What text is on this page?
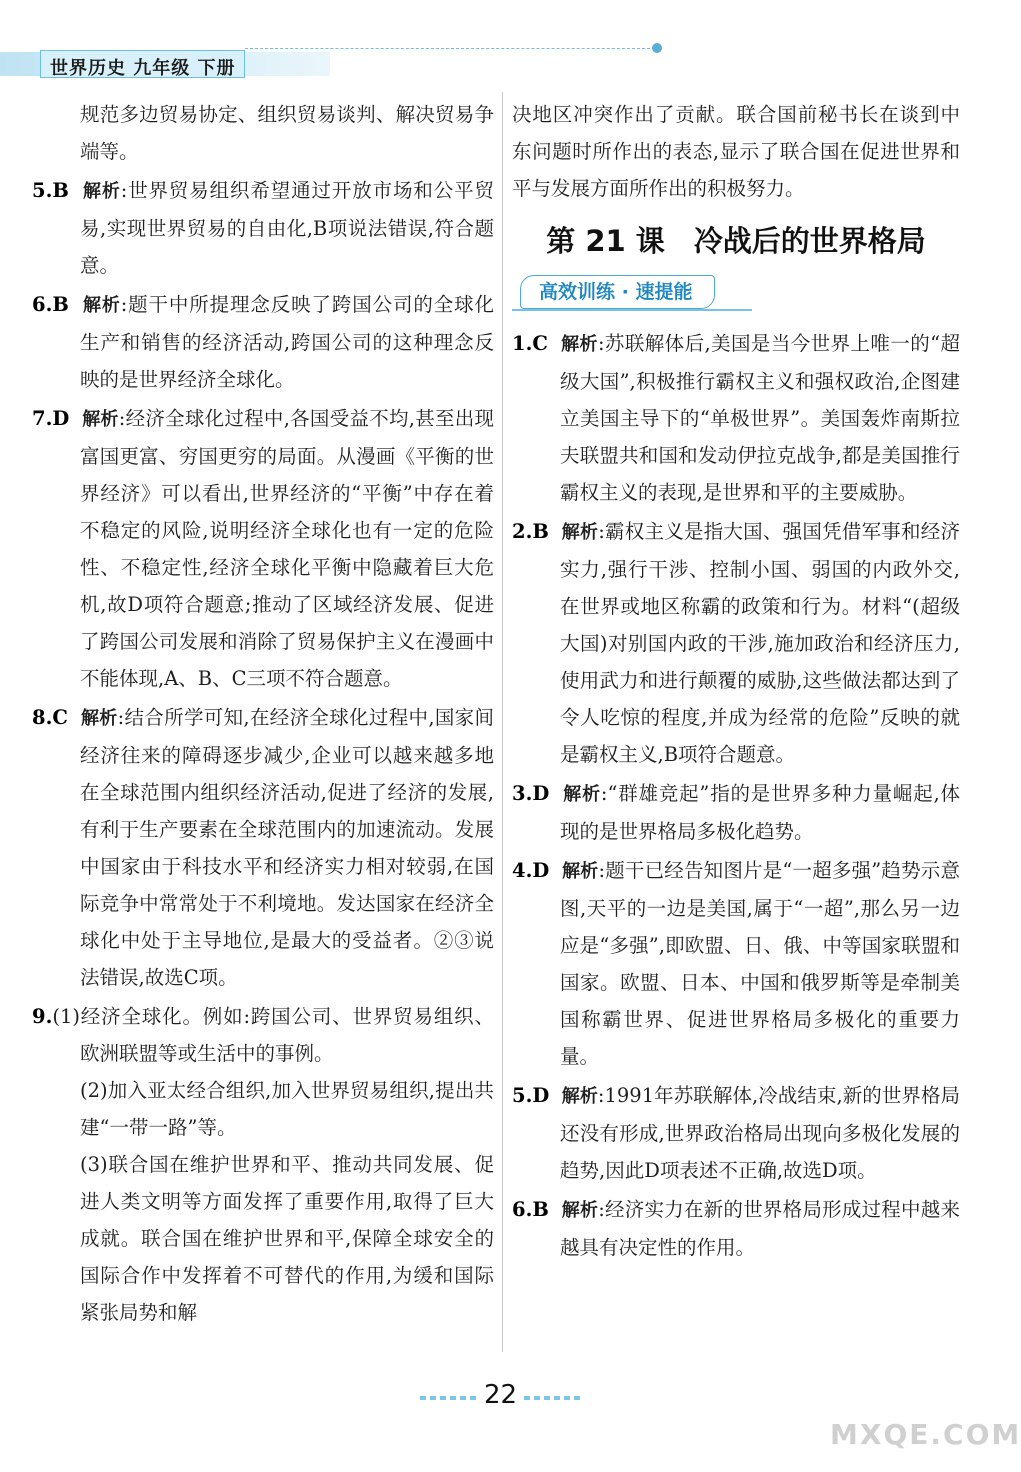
世界历史 九年级 下册

规范多边贸易协定、组织贸易谈判、解决贸易争端等。

5.B 解析:世界贸易组织希望通过开放市场和公平贸易,实现世界贸易的自由化,B项说法错误,符合题意。

6.B 解析:题干中所提理念反映了跨国公司的全球化生产和销售的经济活动,跨国公司的这种理念反映的是世界经济全球化。

7.D 解析:经济全球化过程中,各国受益不均,甚至出现富国更富、穷国更穷的局面。从漫画《平衡的世界经济》可以看出,世界经济的“平衡”中存在着不稳定的风险,说明经济全球化也有一定的危险性、不稳定性,经济全球化平衡中隐藏着巨大危机,故D项符合题意;推动了区域经济发展、促进了跨国公司发展和消除了贸易保护主义在漫画中不能体现,A、B、C三项不符合题意。

8.C 解析:结合所学可知,在经济全球化过程中,国家间经济往来的障碍逐步减少,企业可以越来越多地在全球范围内组织经济活动,促进了经济的发展,有利于生产要素在全球范围内的加速流动。发展中国家由于科技水平和经济实力相对较弱,在国际竞争中常常处于不利境地。发达国家在经济全球化中处于主导地位,是最大的受益者。②③说法错误,故选C项。

9.(1)经济全球化。例如:跨国公司、世界贸易组织、欧洲联盟等或生活中的事例。

(2)加入亚太经合组织,加入世界贸易组织,提出共建“一带一路”等。

(3)联合国在维护世界和平、推动共同发展、促进人类文明等方面发挥了重要作用,取得了巨大成就。联合国在维护世界和平,保障全球安全的国际合作中发挥着不可替代的作用,为缓和国际紧张局势和解

决地区冲突作出了贡献。联合国前秘书长在谈到中东问题时所作出的表态,显示了联合国在促进世界和平与发展方面所作出的积极努力。

第 21 课　冷战后的世界格局
高效训练 · 速提能

1.C 解析:苏联解体后,美国是当今世界上唯一的“超级大国”,积极推行霸权主义和强权政治,企图建立美国主导下的“单极世界”。美国轰炸南斯拉夫联盟共和国和发动伊拉克战争,都是美国推行霸权主义的表现,是世界和平的主要威胁。

2.B 解析:霸权主义是指大国、强国凭借军事和经济实力,强行干涉、控制小国、弱国的内政外交,在世界或地区称霸的政策和行为。材料“(超级大国)对别国内政的干涉,施加政治和经济压力,使用武力和进行颠覆的威胁,这些做法都达到了令人吃惊的程度,并成为经常的危险”反映的就是霸权主义,B项符合题意。

3.D 解析:“群雄竞起”指的是世界多种力量崛起,体现的是世界格局多极化趋势。

4.D 解析:题干已经告知图片是“一超多强”趋势示意图,天平的一边是美国,属于“一超”,那么另一边应是“多强”,即欧盟、日、俄、中等国家联盟和国家。欧盟、日本、中国和俄罗斯等是牵制美国称霸世界、促进世界格局多极化的重要力量。

5.D 解析:1991年苏联解体,冷战结束,新的世界格局还没有形成,世界政治格局出现向多极化发展的趋势,因此D项表述不正确,故选D项。

6.B 解析:经济实力在新的世界格局形成过程中越来越具有决定性的作用。

22
MXQE.COM
